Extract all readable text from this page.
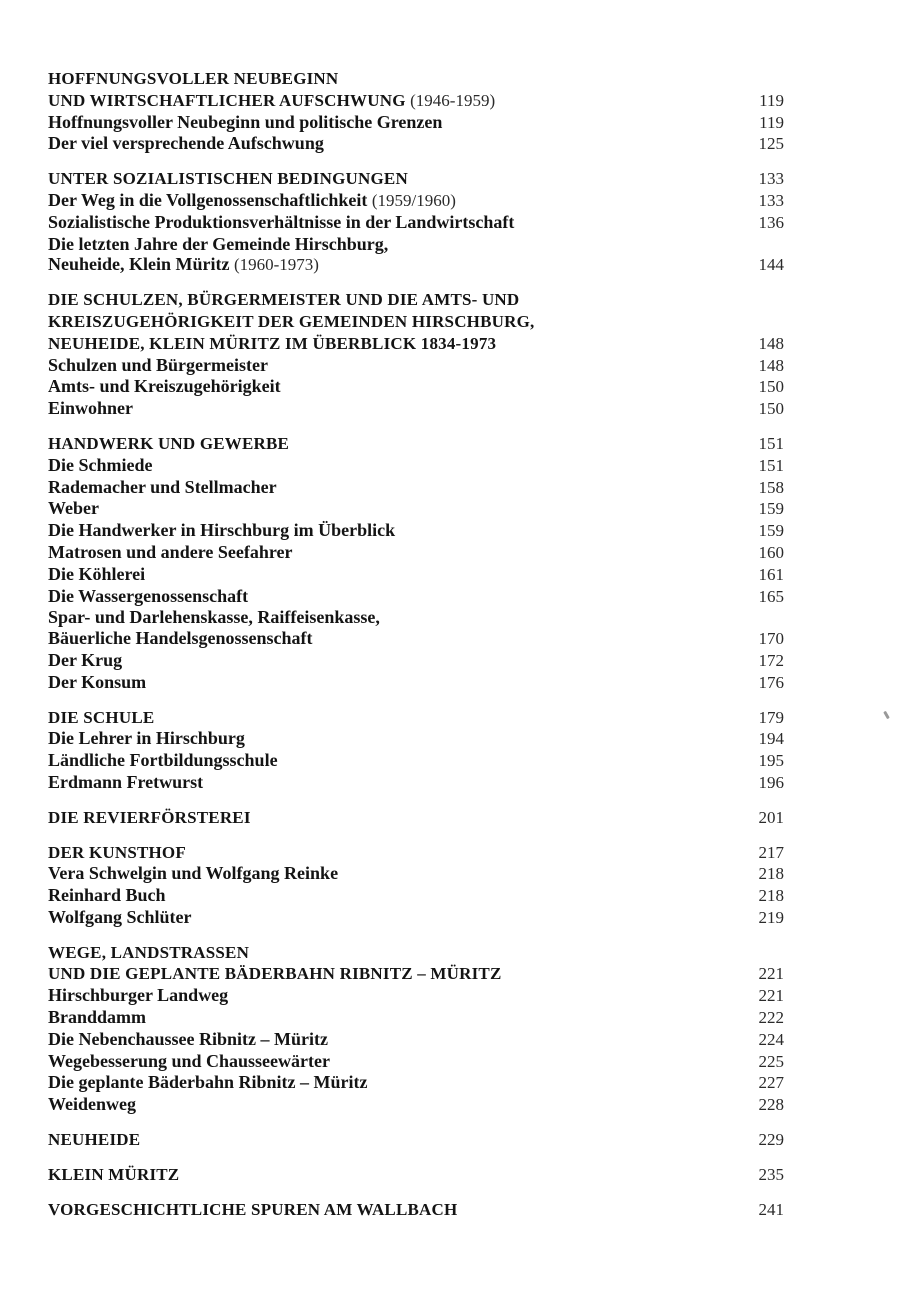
HOFFNUNGSVOLLER NEUBEGINN
UND WIRTSCHAFTLICHER AUFSCHWUNG (1946-1959)	119
Hoffnungsvoller Neubeginn und politische Grenzen	119
Der viel versprechende Aufschwung	125
UNTER SOZIALISTISCHEN BEDINGUNGEN	133
Der Weg in die Vollgenossenschaftlichkeit (1959/1960)	133
Sozialistische Produktionsverhältnisse in der Landwirtschaft	136
Die letzten Jahre der Gemeinde Hirschburg,
Neuheide, Klein Müritz (1960-1973)	144
DIE SCHULZEN, BÜRGERMEISTER UND DIE AMTS- UND
KREISZUGEHÖRIGKEIT DER GEMEINDEN HIRSCHBURG,
NEUHEIDE, KLEIN MÜRITZ IM ÜBERBLICK 1834-1973	148
Schulzen und Bürgermeister	148
Amts- und Kreiszugehörigkeit	150
Einwohner	150
HANDWERK UND GEWERBE	151
Die Schmiede	151
Rademacher und Stellmacher	158
Weber	159
Die Handwerker in Hirschburg im Überblick	159
Matrosen und andere Seefahrer	160
Die Köhlerei	161
Die Wassergenossenschaft	165
Spar- und Darlehenskasse, Raiffeisenkasse,
Bäuerliche Handelsgenossenschaft	170
Der Krug	172
Der Konsum	176
DIE SCHULE	179
Die Lehrer in Hirschburg	194
Ländliche Fortbildungsschule	195
Erdmann Fretwurst	196
DIE REVIERFÖRSTEREI	201
DER KUNSTHOF	217
Vera Schwelgin und Wolfgang Reinke	218
Reinhard Buch	218
Wolfgang Schlüter	219
WEGE, LANDSTRASSEN
UND DIE GEPLANTE BÄDERBAHN RIBNITZ – MÜRITZ	221
Hirschburger Landweg	221
Branddamm	222
Die Nebenchaussee Ribnitz – Müritz	224
Wegebesserung und Chausseewärter	225
Die geplante Bäderbahn Ribnitz – Müritz	227
Weidenweg	228
NEUHEIDE	229
KLEIN MÜRITZ	235
VORGESCHICHTLICHE SPUREN AM WALLBACH	241
